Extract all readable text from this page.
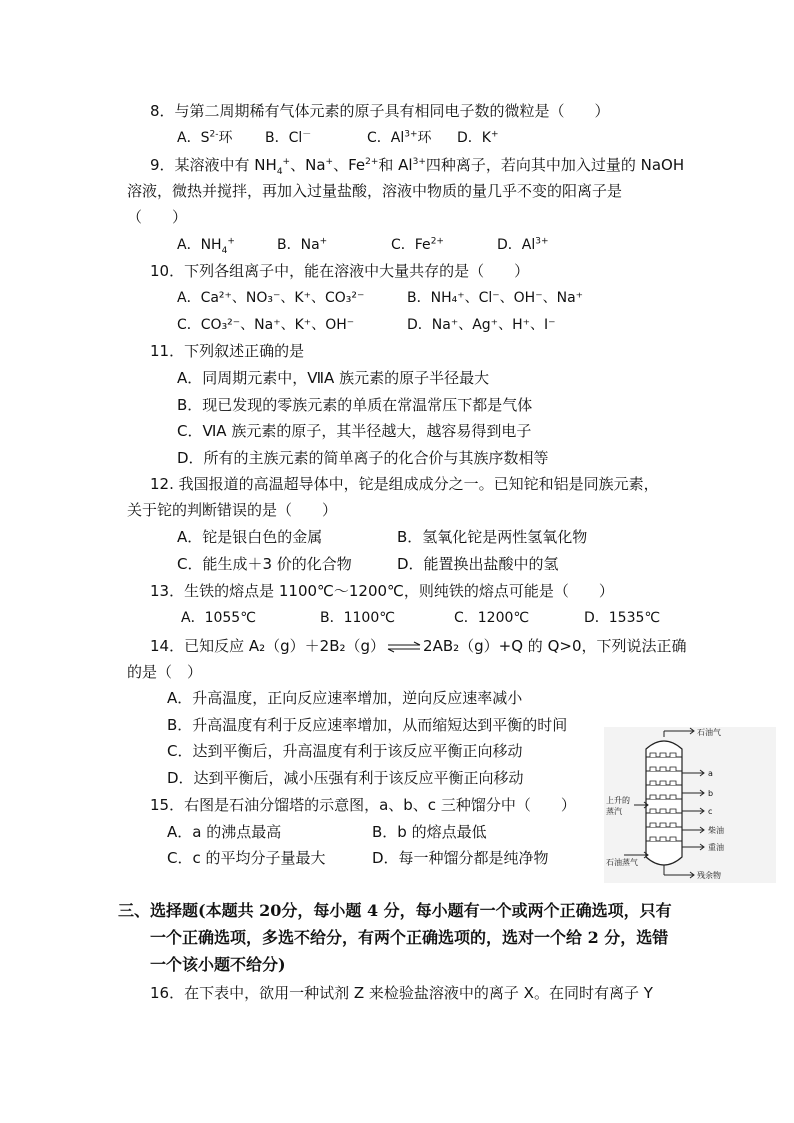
8．与第二周期稀有气体元素的原子具有相同电子数的微粒是（　　）
A．$S^{2-}$环 B．Cl－	C．$Al^{3+}$环 D．K+
9．某溶液中有 $NH_4^+$、Na+、$Fe^{2+}$和 $Al^{3+}$四种离子，若向其中加入过量的 NaOH
溶液，微热并搅拌，再加入过量盐酸，溶液中物质的量几乎不变的阳离子是
（　　）
A．$NH_4^+$	B．Na+	C．$Fe^{2+}$	D．$Al^{3+}$
10．下列各组离子中，能在溶液中大量共存的是（　　）
A．Ca²⁺、NO₃⁻、K⁺、CO₃²⁻	B．NH₄⁺、Cl⁻、OH⁻、Na⁺
C．CO₃²⁻、Na⁺、K⁺、OH⁻	D．Na⁺、Ag⁺、H⁺、I⁻
11．下列叙述正确的是
A．同周期元素中，ⅦA 族元素的原子半径最大
B．现已发现的零族元素的单质在常温常压下都是气体
C．ⅥA 族元素的原子，其半径越大，越容易得到电子
D．所有的主族元素的简单离子的化合价与其族序数相等
12. 我国报道的高温超导体中，铊是组成成分之一。已知铊和铝是同族元素，
关于铊的判断错误的是（　　）
A．铊是银白色的金属	B．氢氧化铊是两性氢氧化物
C．能生成＋3 价的化合物	D．能置换出盐酸中的氢
13．生铁的熔点是 1100℃～1200℃，则纯铁的熔点可能是（　　）
A．1055℃	B．1100℃	C．1200℃	D．1535℃
14．已知反应 A₂（g）＋2B₂（g）⇌2AB₂（g）+Q 的 Q>0，下列说法正确
的是（　）
A．升高温度，正向反应速率增加，逆向反应速率减小
B．升高温度有利于反应速率增加，从而缩短达到平衡的时间
C．达到平衡后，升高温度有利于该反应平衡正向移动
D．达到平衡后，减小压强有利于该反应平衡正向移动
15．右图是石油分馏塔的示意图，a、b、c 三种馏分中（　　）
A．a 的沸点最高	B．b 的熔点最低
C．c 的平均分子量最大	D．每一种馏分都是纯净物
石油气
a
b
c
柴油
重油
上升的
蒸汽
石油蒸气
残余物
三、选择题(本题共 20分，每小题 4 分，每小题有一个或两个正确选项，只有
一个正确选项，多选不给分，有两个正确选项的，选对一个给 2 分，选错
一个该小题不给分)
16．在下表中，欲用一种试剂 Z 来检验盐溶液中的离子 X。在同时有离子 Y
